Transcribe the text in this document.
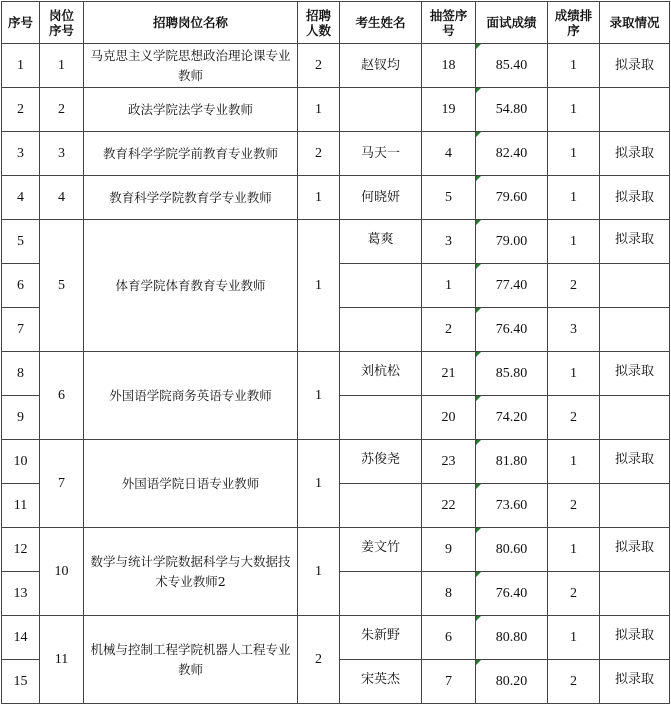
序号	岗位序号	招聘岗位名称	招聘人数	考生姓名	抽签序号	面试成绩	成绩排序	录取情况
1	1	马克思主义学院思想政治理论课专业教师	2	赵钗均	18	85.40	1	拟录取
2	2	政法学院法学专业教师	1		19	54.80	1	
3	3	教育科学学院学前教育专业教师	2	马天一	4	82.40	1	拟录取
4	4	教育科学学院教育学专业教师	1	何晓妍	5	79.60	1	拟录取
5	5	体育学院体育教育专业教师	1	葛爽	3	79.00	1	拟录取
6					1	77.40	2	
7					2	76.40	3	
8	6	外国语学院商务英语专业教师	1	刘杭松	21	85.80	1	拟录取
9					20	74.20	2	
10	7	外国语学院日语专业教师	1	苏俊尧	23	81.80	1	拟录取
11					22	73.60	2	
12	10	数学与统计学院数据科学与大数据技术专业教师2	1	姜文竹	9	80.60	1	拟录取
13					8	76.40	2	
14	11	机械与控制工程学院机器人工程专业教师	2	朱新野	6	80.80	1	拟录取
15				宋英杰	7	80.20	2	拟录取
